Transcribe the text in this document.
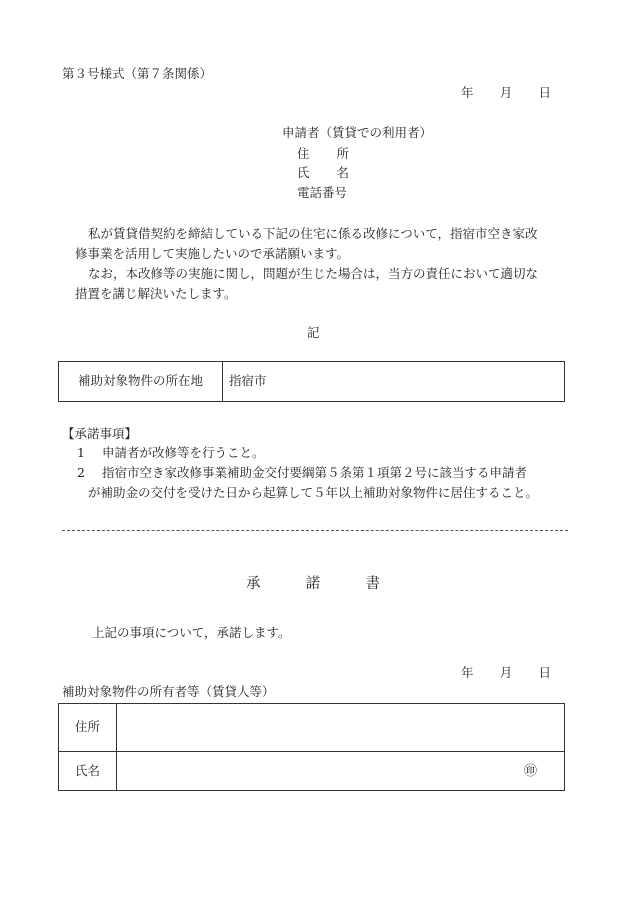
第３号様式（第７条関係）
年 月 日
申請者（賃貸での利用者）
住 所
氏 名
電話番号
私が賃貸借契約を締結している下記の住宅に係る改修について，指宿市空き家改
修事業を活用して実施したいので承諾願います。
なお，本改修等の実施に関し，問題が生じた場合は，当方の責任において適切な
措置を講じ解決いたします。
記
補助対象物件の所在地 指宿市
【承諾事項】
1 申請者が改修等を行うこと。
2 指宿市空き家改修事業補助金交付要綱第５条第１項第２号に該当する申請者
が補助金の交付を受けた日から起算して５年以上補助対象物件に居住すること。
承	諾	書
上記の事項について，承諾します。
年 月 日
補助対象物件の所有者等（賃貸人等）
住所
氏名	㊞
